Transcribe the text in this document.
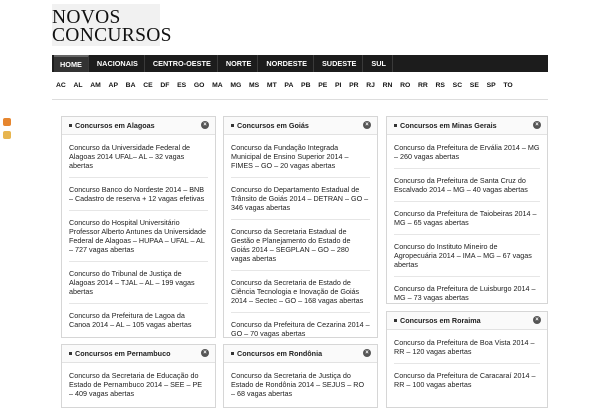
NOVOS
CONCURSOS
HOME	NACIONAIS	CENTRO-OESTE	NORTE	NORDESTE	SUDESTE	SUL
AC AL AM AP BA CE DF ES GO MA MG MS MT PA PB PE PI PR RJ RN RO RR RS SC SE SP TO
Concursos em Alagoas	×
Concurso da Universidade Federal de Alagoas 2014 UFAL– AL – 32 vagas abertas
Concurso Banco do Nordeste 2014 – BNB – Cadastro de reserva + 12 vagas efetivas
Concurso do Hospital Universitário Professor Alberto Antunes da Universidade Federal de Alagoas – HUPAA – UFAL – AL – 727 vagas abertas
Concurso do Tribunal de Justiça de Alagoas 2014 – TJAL – AL – 199 vagas abertas
Concurso da Prefeitura de Lagoa da Canoa 2014 – AL – 105 vagas abertas
Concursos em Goiás	×
Concurso da Fundação Integrada Municipal de Ensino Superior 2014 – FIMES – GO – 20 vagas abertas
Concurso do Departamento Estadual de Trânsito de Goiás 2014 – DETRAN – GO – 346 vagas abertas
Concurso da Secretaria Estadual de Gestão e Planejamento do Estado de Goiás 2014 – SEGPLAN – GO – 280 vagas abertas
Concurso da Secretaria de Estado de Ciência Tecnologia e Inovação de Goiás 2014 – Sectec – GO – 168 vagas abertas
Concurso da Prefeitura de Cezarina 2014 – GO – 70 vagas abertas
Concursos em Minas Gerais	×
Concurso da Prefeitura de Ervália 2014 – MG – 260 vagas abertas
Concurso da Prefeitura de Santa Cruz do Escalvado 2014 – MG – 40 vagas abertas
Concurso da Prefeitura de Taiobeiras 2014 – MG – 65 vagas abertas
Concurso do Instituto Mineiro de Agropecuária 2014 – IMA – MG – 67 vagas abertas
Concurso da Prefeitura de Luisburgo 2014 – MG – 73 vagas abertas
Concursos em Roraima	×
Concurso da Prefeitura de Boa Vista 2014 – RR – 120 vagas abertas
Concurso da Prefeitura de Caracaraí 2014 – RR – 100 vagas abertas
Concursos em Pernambuco	×
Concurso da Secretaria de Educação do Estado de Pernambuco 2014 – SEE – PE – 409 vagas abertas
Concursos em Rondônia	×
Concurso da Secretaria de Justiça do Estado de Rondônia 2014 – SEJUS – RO – 68 vagas abertas
